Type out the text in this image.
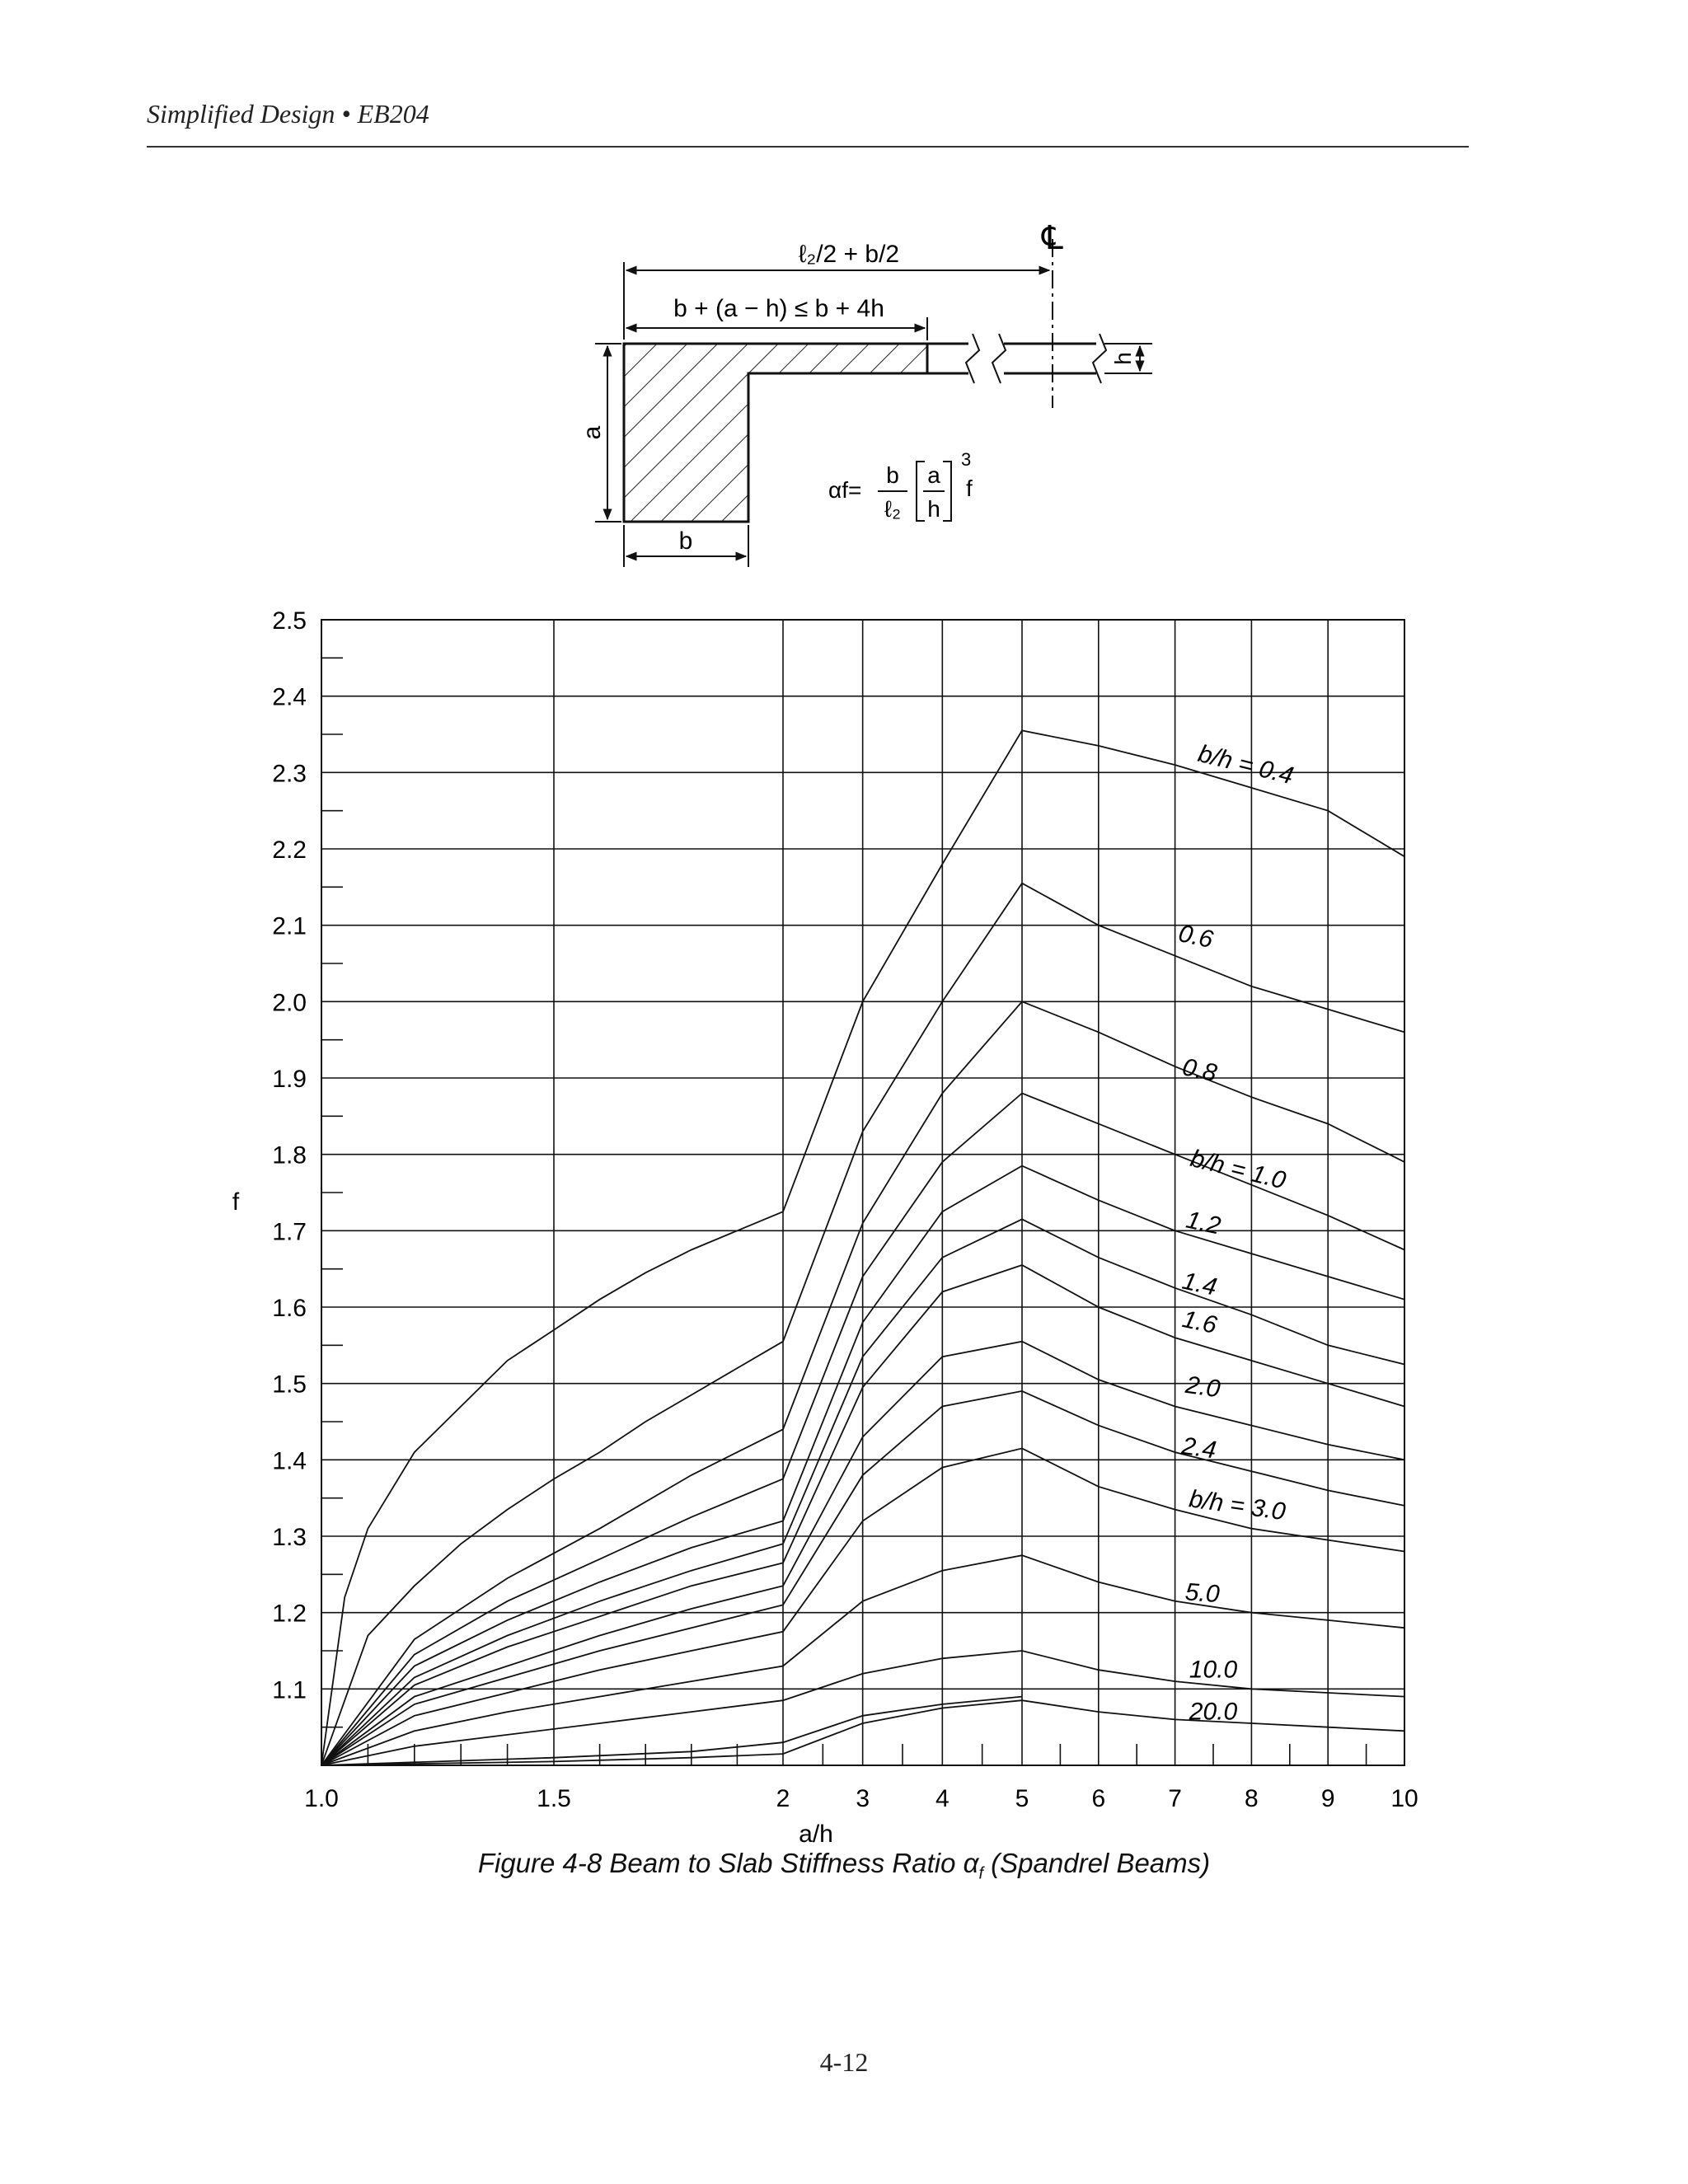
Simplified Design • EB204
℄
ℓ₂/2 + b/2
b + (a − h) ≤ b + 4h
a
b
h
αf=
b
ℓ₂
a
h
3
f
b/h = 0.4
0.6
0.8
b/h = 1.0
1.2
1.4
1.6
2.0
2.4
b/h = 3.0
5.0
10.0
20.0
1.1
1.2
1.3
1.4
1.5
1.6
1.7
1.8
1.9
2.0
2.1
2.2
2.3
2.4
2.5
1.0	1.5	2	3	4	5	6	7	8	9 10
f
a/h
Figure 4-8 Beam to Slab Stiffness Ratio $\alpha_f$ (Spandrel Beams)
4-12
